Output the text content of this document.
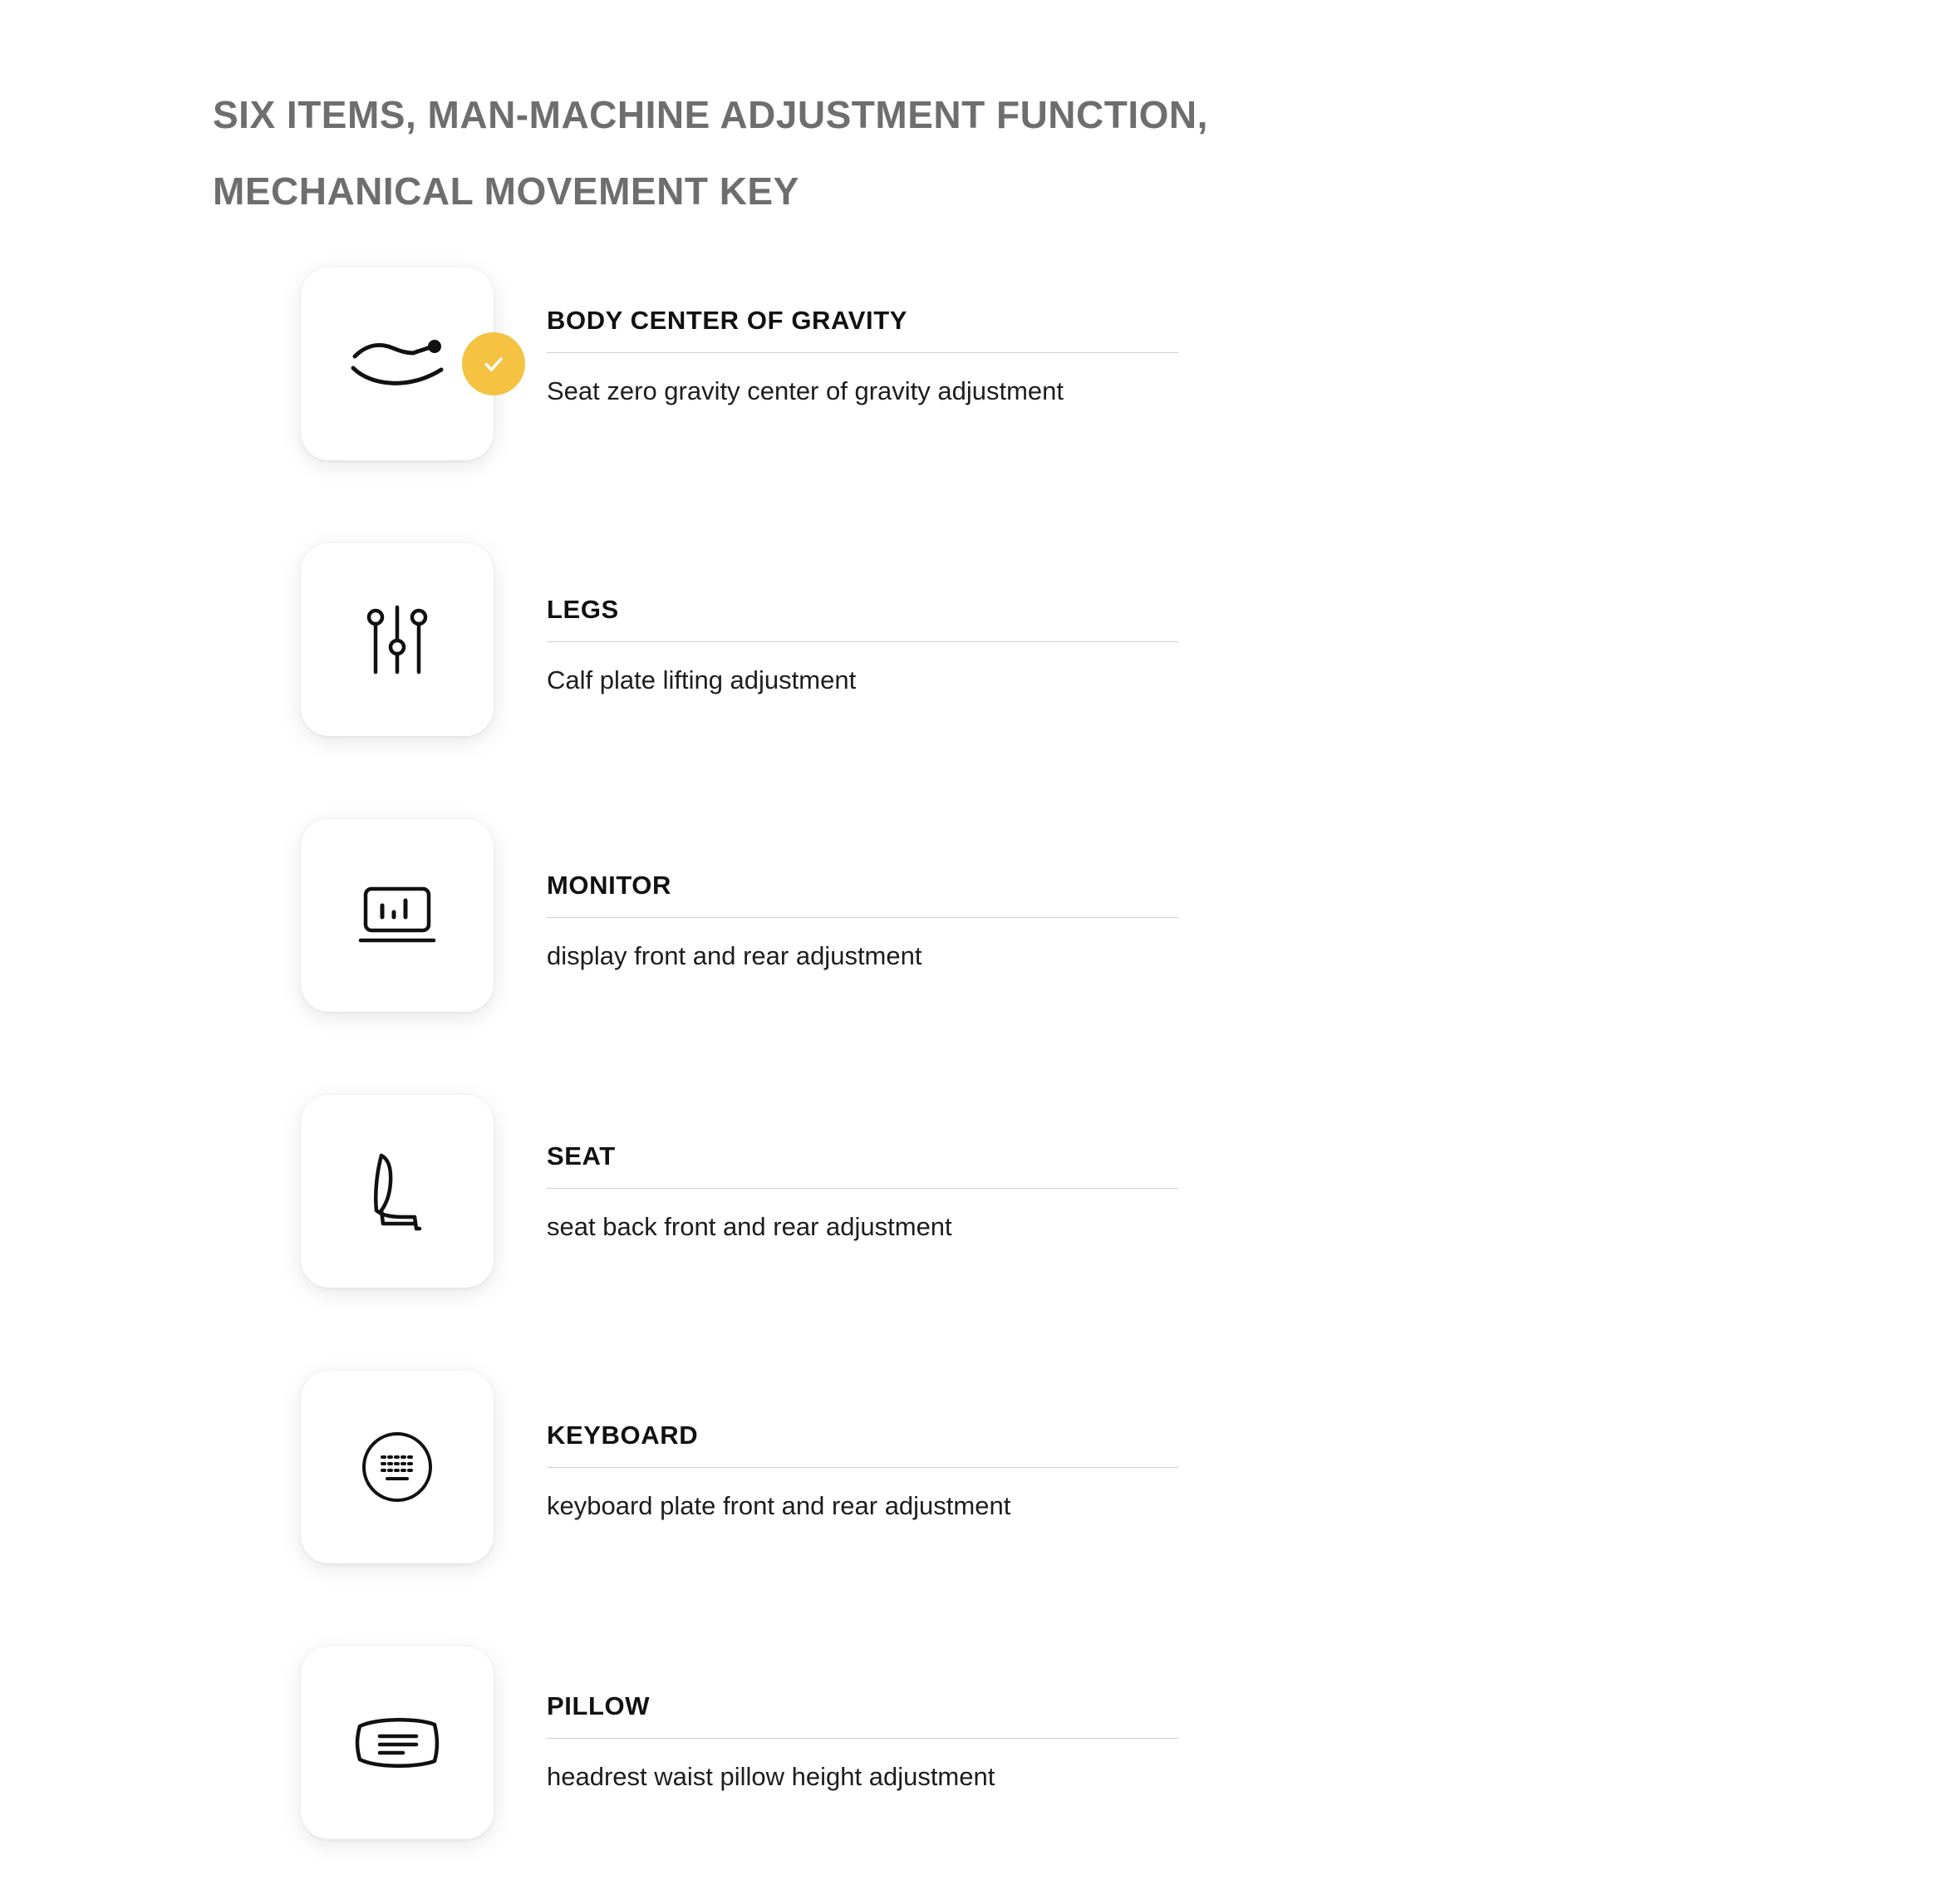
SIX ITEMS, MAN-MACHINE ADJUSTMENT FUNCTION,
MECHANICAL MOVEMENT KEY
BODY CENTER OF GRAVITY
Seat zero gravity center of gravity adjustment
LEGS
Calf plate lifting adjustment
MONITOR
display front and rear adjustment
SEAT
seat back front and rear adjustment
KEYBOARD
keyboard plate front and rear adjustment
PILLOW
headrest waist pillow height adjustment
